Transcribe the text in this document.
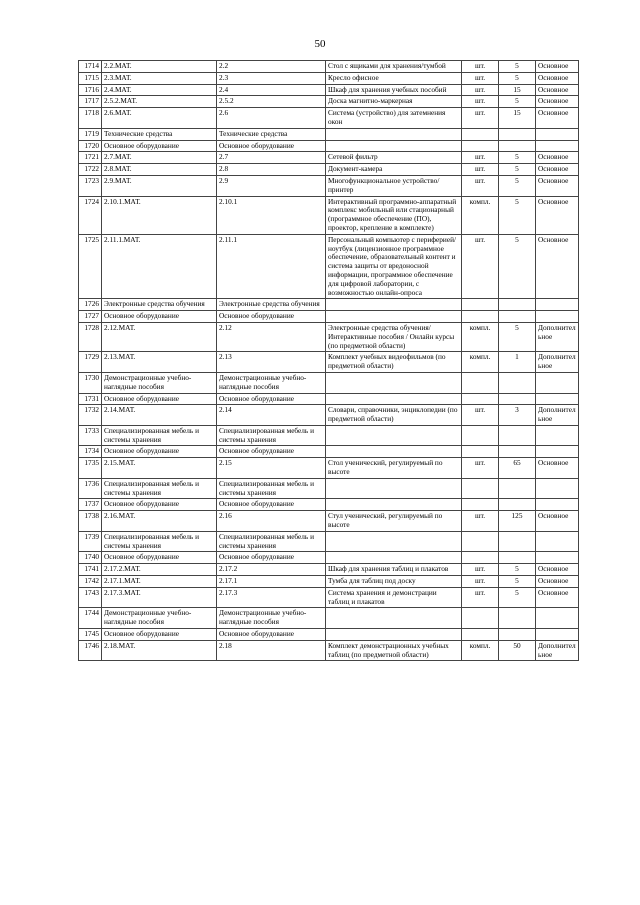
50
1714	2.2.МАТ.	2.2	Стол с ящиками для хранения/тумбой	шт.	5	Основное
1715	2.3.МАТ.	2.3	Кресло офисное	шт.	5	Основное
1716	2.4.МАТ.	2.4	Шкаф для хранения учебных пособий	шт.	15	Основное
1717	2.5.2.МАТ.	2.5.2	Доска магнитно-маркерная	шт.	5	Основное
1718	2.6.МАТ.	2.6	Система (устройство) для затемнения окон	шт.	15	Основное
1719	Технические средства	Технические средства				
1720	Основное оборудование	Основное оборудование				
1721	2.7.МАТ.	2.7	Сетевой фильтр	шт.	5	Основное
1722	2.8.МАТ.	2.8	Документ-камера	шт.	5	Основное
1723	2.9.МАТ.	2.9	Многофункциональное устройство/принтер	шт.	5	Основное
1724	2.10.1.МАТ.	2.10.1	Интерактивный программно-аппаратный комплекс мобильный или стационарный (программное обеспечение (ПО), проектор, крепление в комплекте)	компл.	5	Основное
1725	2.11.1.МАТ.	2.11.1	Персональный компьютер с периферией/ноутбук (лицензионное программное обеспечение, образовательный контент и система защиты от вредоносной информации, программное обеспечение для цифровой лаборатории, с возможностью онлайн-опроса	шт.	5	Основное
1726	Электронные средства обучения	Электронные средства обучения				
1727	Основное оборудование	Основное оборудование				
1728	2.12.МАТ.	2.12	Электронные средства обучения/Интерактивные пособия / Онлайн курсы (по предметной области)	компл.	5	Дополнительное
1729	2.13.МАТ.	2.13	Комплект учебных видеофильмов (по предметной области)	компл.	1	Дополнительное
1730	Демонстрационные учебно-наглядные пособия	Демонстрационные учебно-наглядные пособия				
1731	Основное оборудование	Основное оборудование				
1732	2.14.МАТ.	2.14	Словари, справочники, энциклопедии (по предметной области)	шт.	3	Дополнительное
1733	Специализированная мебель и системы хранения	Специализированная мебель и системы хранения				
1734	Основное оборудование	Основное оборудование				
1735	2.15.МАТ.	2.15	Стол ученический, регулируемый по высоте	шт.	65	Основное
1736	Специализированная мебель и системы хранения	Специализированная мебель и системы хранения				
1737	Основное оборудование	Основное оборудование				
1738	2.16.МАТ.	2.16	Стул ученический, регулируемый по высоте	шт.	125	Основное
1739	Специализированная мебель и системы хранения	Специализированная мебель и системы хранения				
1740	Основное оборудование	Основное оборудование				
1741	2.17.2.МАТ.	2.17.2	Шкаф для хранения таблиц и плакатов	шт.	5	Основное
1742	2.17.1.МАТ.	2.17.1	Тумба для таблиц под доску	шт.	5	Основное
1743	2.17.3.МАТ.	2.17.3	Система хранения и демонстрации таблиц и плакатов	шт.	5	Основное
1744	Демонстрационные учебно-наглядные пособия	Демонстрационные учебно-наглядные пособия				
1745	Основное оборудование	Основное оборудование				
1746	2.18.МАТ.	2.18	Комплект демонстрационных учебных таблиц (по предметной области)	компл.	50	Дополнительное
